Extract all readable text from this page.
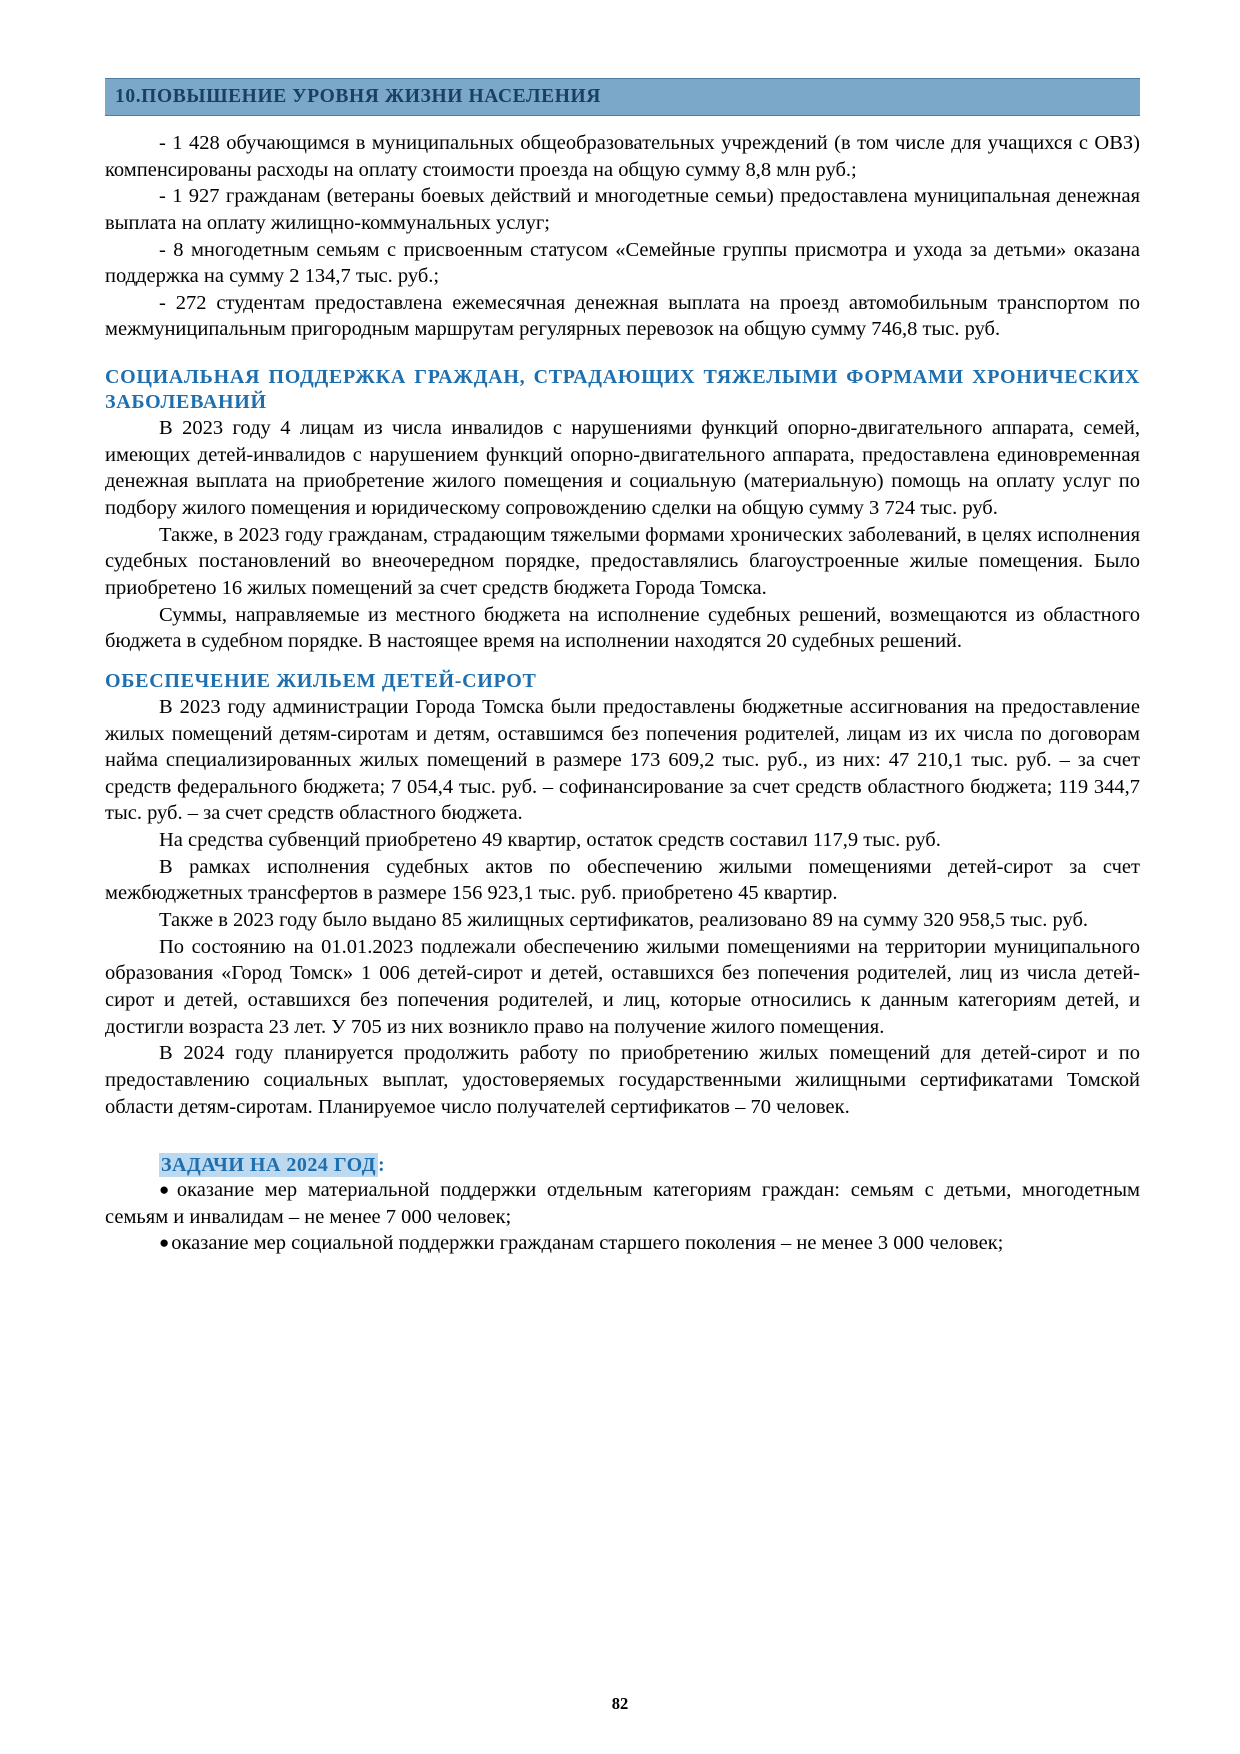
10.ПОВЫШЕНИЕ УРОВНЯ ЖИЗНИ НАСЕЛЕНИЯ

- 1 428 обучающимся в муниципальных общеобразовательных учреждений (в том числе для учащихся с ОВЗ) компенсированы расходы на оплату стоимости проезда на общую сумму 8,8 млн руб.;

- 1 927 гражданам (ветераны боевых действий и многодетные семьи) предоставлена муниципальная денежная выплата на оплату жилищно-коммунальных услуг;

- 8 многодетным семьям с присвоенным статусом «Семейные группы присмотра и ухода за детьми» оказана поддержка на сумму 2 134,7 тыс. руб.;

- 272 студентам предоставлена ежемесячная денежная выплата на проезд автомобильным транспортом по межмуниципальным пригородным маршрутам регулярных перевозок на общую сумму 746,8 тыс. руб.

СОЦИАЛЬНАЯ ПОДДЕРЖКА ГРАЖДАН, СТРАДАЮЩИХ ТЯЖЕЛЫМИ ФОРМАМИ ХРОНИЧЕСКИХ ЗАБОЛЕВАНИЙ

В 2023 году 4 лицам из числа инвалидов с нарушениями функций опорно-двигательного аппарата, семей, имеющих детей-инвалидов с нарушением функций опорно-двигательного аппарата, предоставлена единовременная денежная выплата на приобретение жилого помещения и социальную (материальную) помощь на оплату услуг по подбору жилого помещения и юридическому сопровождению сделки на общую сумму 3 724 тыс. руб.

Также, в 2023 году гражданам, страдающим тяжелыми формами хронических заболеваний, в целях исполнения судебных постановлений во внеочередном порядке, предоставлялись благоустроенные жилые помещения. Было приобретено 16 жилых помещений за счет средств бюджета Города Томска.

Суммы, направляемые из местного бюджета на исполнение судебных решений, возмещаются из областного бюджета в судебном порядке. В настоящее время на исполнении находятся 20 судебных решений.

ОБЕСПЕЧЕНИЕ ЖИЛЬЕМ ДЕТЕЙ-СИРОТ

В 2023 году администрации Города Томска были предоставлены бюджетные ассигнования на предоставление жилых помещений детям-сиротам и детям, оставшимся без попечения родителей, лицам из их числа по договорам найма специализированных жилых помещений в размере 173 609,2 тыс. руб., из них: 47 210,1 тыс. руб. – за счет средств федерального бюджета; 7 054,4 тыс. руб. – софинансирование за счет средств областного бюджета; 119 344,7 тыс. руб. – за счет средств областного бюджета.

На средства субвенций приобретено 49 квартир, остаток средств составил 117,9 тыс. руб.

В рамках исполнения судебных актов по обеспечению жилыми помещениями детей-сирот за счет межбюджетных трансфертов в размере 156 923,1 тыс. руб. приобретено 45 квартир.

Также в 2023 году было выдано 85 жилищных сертификатов, реализовано 89 на сумму 320 958,5 тыс. руб.

По состоянию на 01.01.2023 подлежали обеспечению жилыми помещениями на территории муниципального образования «Город Томск» 1 006 детей-сирот и детей, оставшихся без попечения родителей, лиц из числа детей-сирот и детей, оставшихся без попечения родителей, и лиц, которые относились к данным категориям детей, и достигли возраста 23 лет. У 705 из них возникло право на получение жилого помещения.

В 2024 году планируется продолжить работу по приобретению жилых помещений для детей-сирот и по предоставлению социальных выплат, удостоверяемых государственными жилищными сертификатами Томской области детям-сиротам. Планируемое число получателей сертификатов – 70 человек.

ЗАДАЧИ НА 2024 ГОД :

●оказание мер материальной поддержки отдельным категориям граждан: семьям с детьми, многодетным семьям и инвалидам – не менее 7 000 человек;

●оказание мер социальной поддержки гражданам старшего поколения – не менее 3 000 человек;

82
